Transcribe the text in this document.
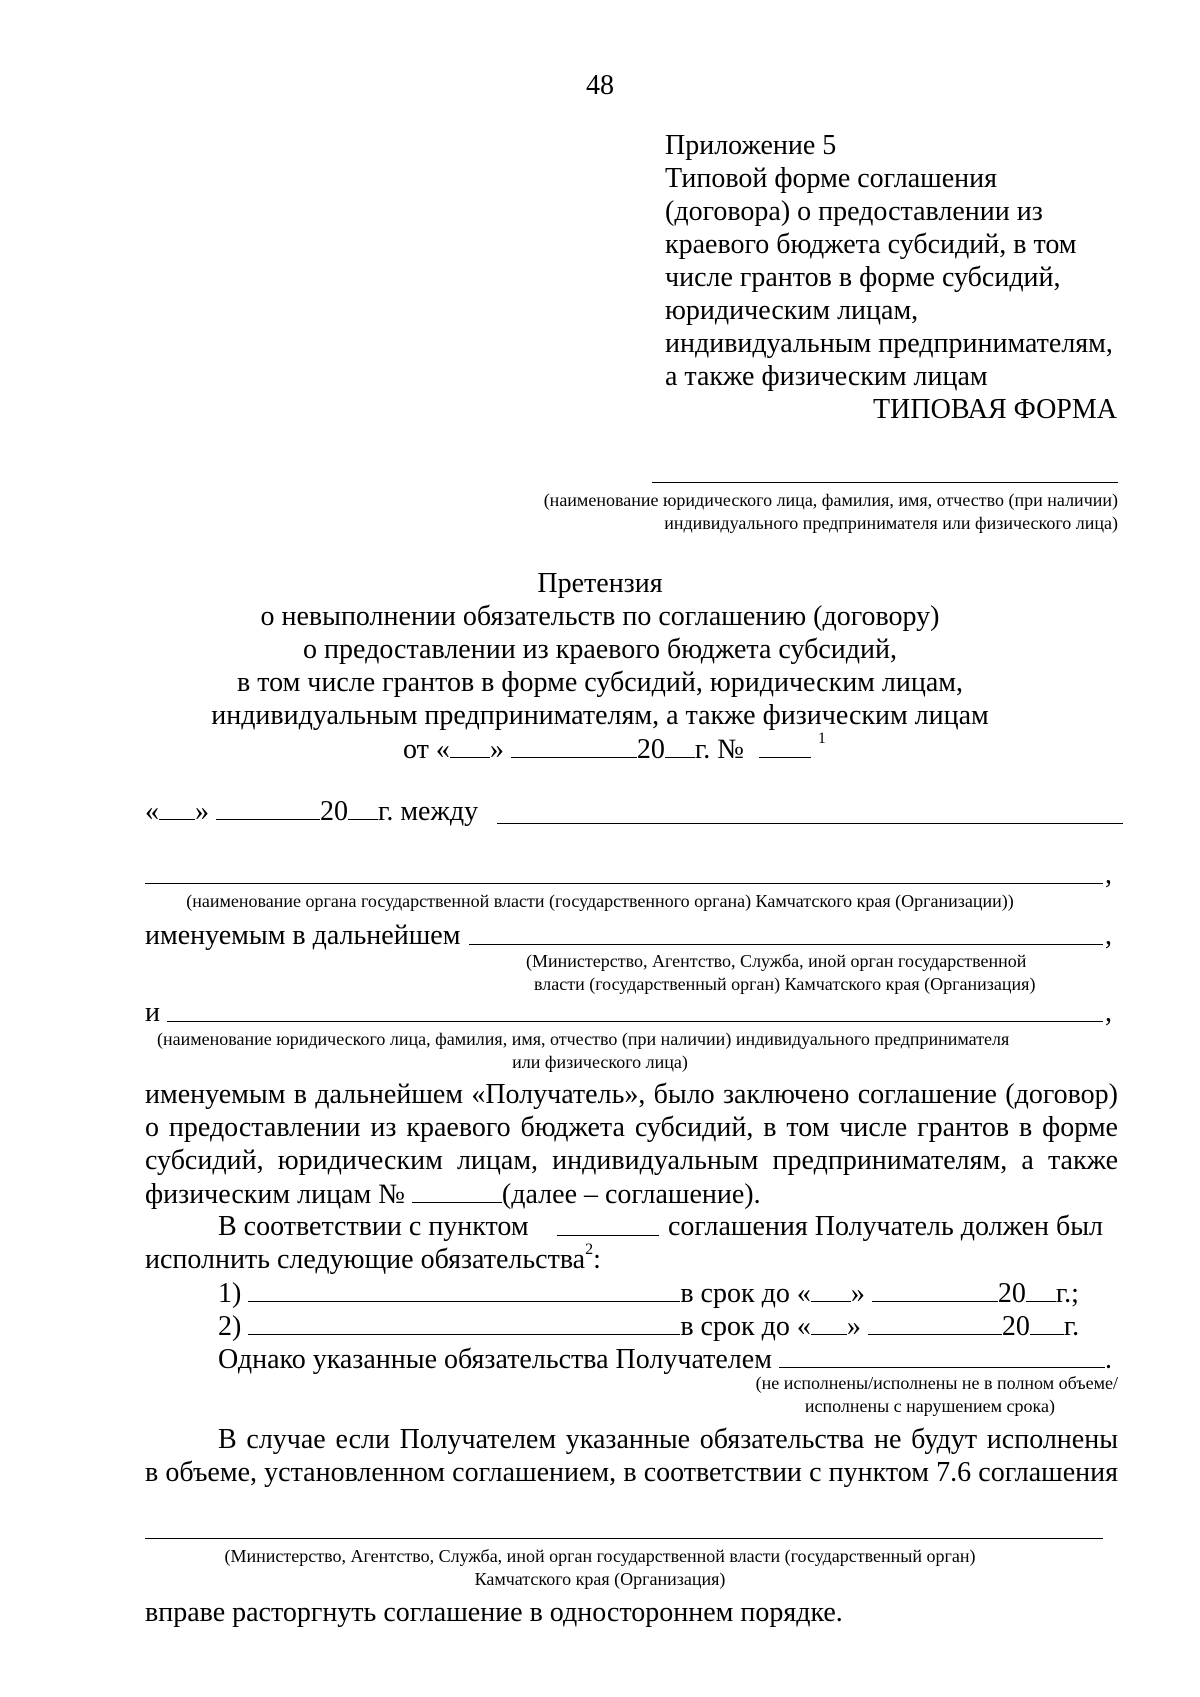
48
Приложение 5
Типовой форме соглашения
(договора) о предоставлении из
краевого бюджета субсидий, в том
числе грантов в форме субсидий,
юридическим лицам,
индивидуальным предпринимателям,
а также физическим лицам
ТИПОВАЯ ФОРМА
(наименование юридического лица, фамилия, имя, отчество (при наличии)
индивидуального предпринимателя или физического лица)
Претензия
о невыполнении обязательств по соглашению (договору)
о предоставлении из краевого бюджета субсидий,
в том числе грантов в форме субсидий, юридическим лицам,
индивидуальным предпринимателям, а также физическим лицам
от « »	20 г. №	$^1$
« »	20 г. между
,
(наименование органа государственной власти (государственного органа) Камчатского края (Организации))
именуемым в дальнейшем	,
(Министерство, Агентство, Служба, иной орган государственной
власти (государственный орган) Камчатского края (Организация)
и	,
(наименование юридического лица, фамилия, имя, отчество (при наличии) индивидуального предпринимателя
или физического лица)
именуемым в дальнейшем «Получатель», было заключено соглашение (договор)
о предоставлении из краевого бюджета субсидий, в том числе грантов в форме
субсидий, юридическим лицам, индивидуальным предпринимателям, а также
физическим лицам №	(далее – соглашение).
В соответствии с пунктом	соглашения Получатель должен был
исполнить следующие обязательства$^2$:
1)	в срок до « »	20 г.;
2)	в срок до « »	20 г.
Однако указанные обязательства Получателем	.
(не исполнены/исполнены не в полном объеме/
исполнены с нарушением срока)
В случае если Получателем указанные обязательства не будут исполнены
в объеме, установленном соглашением, в соответствии с пунктом 7.6 соглашения
(Министерство, Агентство, Служба, иной орган государственной власти (государственный орган)
Камчатского края (Организация)
вправе расторгнуть соглашение в одностороннем порядке.
